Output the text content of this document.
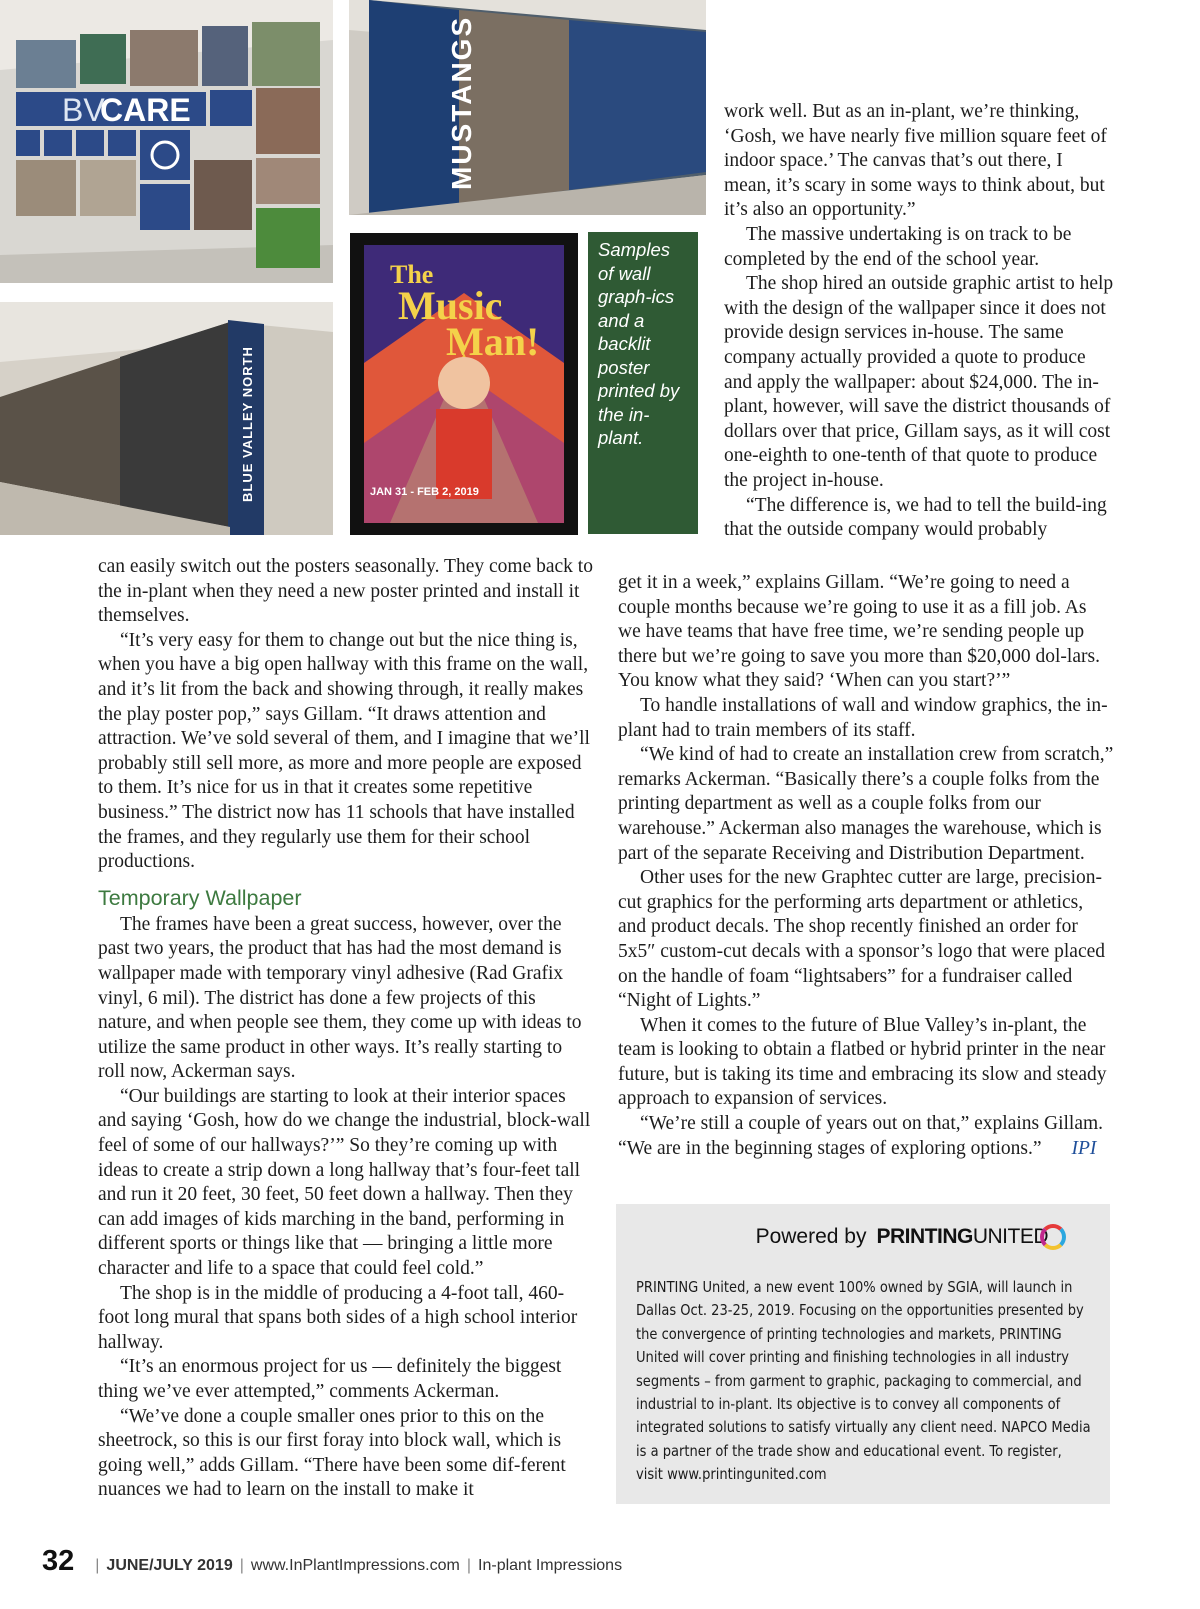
BV
CARE	MUSTANGS
The
Music
Man!
JAN 31 - FEB 2, 2019
BLUE VALLEY NORTH
Samples of wall graph-ics and a backlit poster printed by the in-plant.

work well. But as an in-plant, we’re thinking, ‘Gosh, we have nearly five million square feet of indoor space.’ The canvas that’s out there, I mean, it’s scary in some ways to think about, but it’s also an opportunity.”

The massive undertaking is on track to be completed by the end of the school year.

The shop hired an outside graphic artist to help with the design of the wallpaper since it does not provide design services in-house. The same company actually provided a quote to produce and apply the wallpaper: about $24,000. The in-plant, however, will save the district thousands of dollars over that price, Gillam says, as it will cost one-eighth to one-tenth of that quote to produce the project in-house.

“The difference is, we had to tell the build-ing that the outside company would probably

get it in a week,” explains Gillam. “We’re going to need a couple months because we’re going to use it as a fill job. As we have teams that have free time, we’re sending people up there but we’re going to save you more than $20,000 dol-lars. You know what they said? ‘When can you start?’”

To handle installations of wall and window graphics, the in-plant had to train members of its staff.

“We kind of had to create an installation crew from scratch,” remarks Ackerman. “Basically there’s a couple folks from the printing department as well as a couple folks from our warehouse.” Ackerman also manages the warehouse, which is part of the separate Receiving and Distribution Department.

Other uses for the new Graphtec cutter are large, precision-cut graphics for the performing arts department or athletics, and product decals. The shop recently finished an order for 5x5″ custom-cut decals with a sponsor’s logo that were placed on the handle of foam “lightsabers” for a fundraiser called “Night of Lights.”

When it comes to the future of Blue Valley’s in-plant, the team is looking to obtain a flatbed or hybrid printer in the near future, but is taking its time and embracing its slow and steady approach to expansion of services.

“We’re still a couple of years out on that,” explains Gillam. “We are in the beginning stages of exploring options.” IPI

can easily switch out the posters seasonally. They come back to the in-plant when they need a new poster printed and install it themselves.

“It’s very easy for them to change out but the nice thing is, when you have a big open hallway with this frame on the wall, and it’s lit from the back and showing through, it really makes the play poster pop,” says Gillam. “It draws attention and attraction. We’ve sold several of them, and I imagine that we’ll probably still sell more, as more and more people are exposed to them. It’s nice for us in that it creates some repetitive business.” The district now has 11 schools that have installed the frames, and they regularly use them for their school productions.

Temporary Wallpaper

The frames have been a great success, however, over the past two years, the product that has had the most demand is wallpaper made with temporary vinyl adhesive (Rad Grafix vinyl, 6 mil). The district has done a few projects of this nature, and when people see them, they come up with ideas to utilize the same product in other ways. It’s really starting to roll now, Ackerman says.

“Our buildings are starting to look at their interior spaces and saying ‘Gosh, how do we change the industrial, block-wall feel of some of our hallways?’” So they’re coming up with ideas to create a strip down a long hallway that’s four-feet tall and run it 20 feet, 30 feet, 50 feet down a hallway. Then they can add images of kids marching in the band, performing in different sports or things like that — bringing a little more character and life to a space that could feel cold.”

The shop is in the middle of producing a 4-foot tall, 460-foot long mural that spans both sides of a high school interior hallway.

“It’s an enormous project for us — definitely the biggest thing we’ve ever attempted,” comments Ackerman.

“We’ve done a couple smaller ones prior to this on the sheetrock, so this is our first foray into block wall, which is going well,” adds Gillam. “There have been some dif-ferent nuances we had to learn on the install to make it

Powered by PRINTING UNITED
PRINTING United, a new event 100% owned by SGIA, will launch in Dallas Oct. 23-25, 2019. Focusing on the opportunities presented by the convergence of printing technologies and markets, PRINTING United will cover printing and finishing technologies in all industry segments – from garment to graphic, packaging to commercial, and industrial to in-plant. Its objective is to convey all components of integrated solutions to satisfy virtually any client need. NAPCO Media is a partner of the trade show and educational event. To register, visit www.printingunited.com
32 | JUNE/JULY 2019 | www.InPlantImpressions.com | In-plant Impressions
